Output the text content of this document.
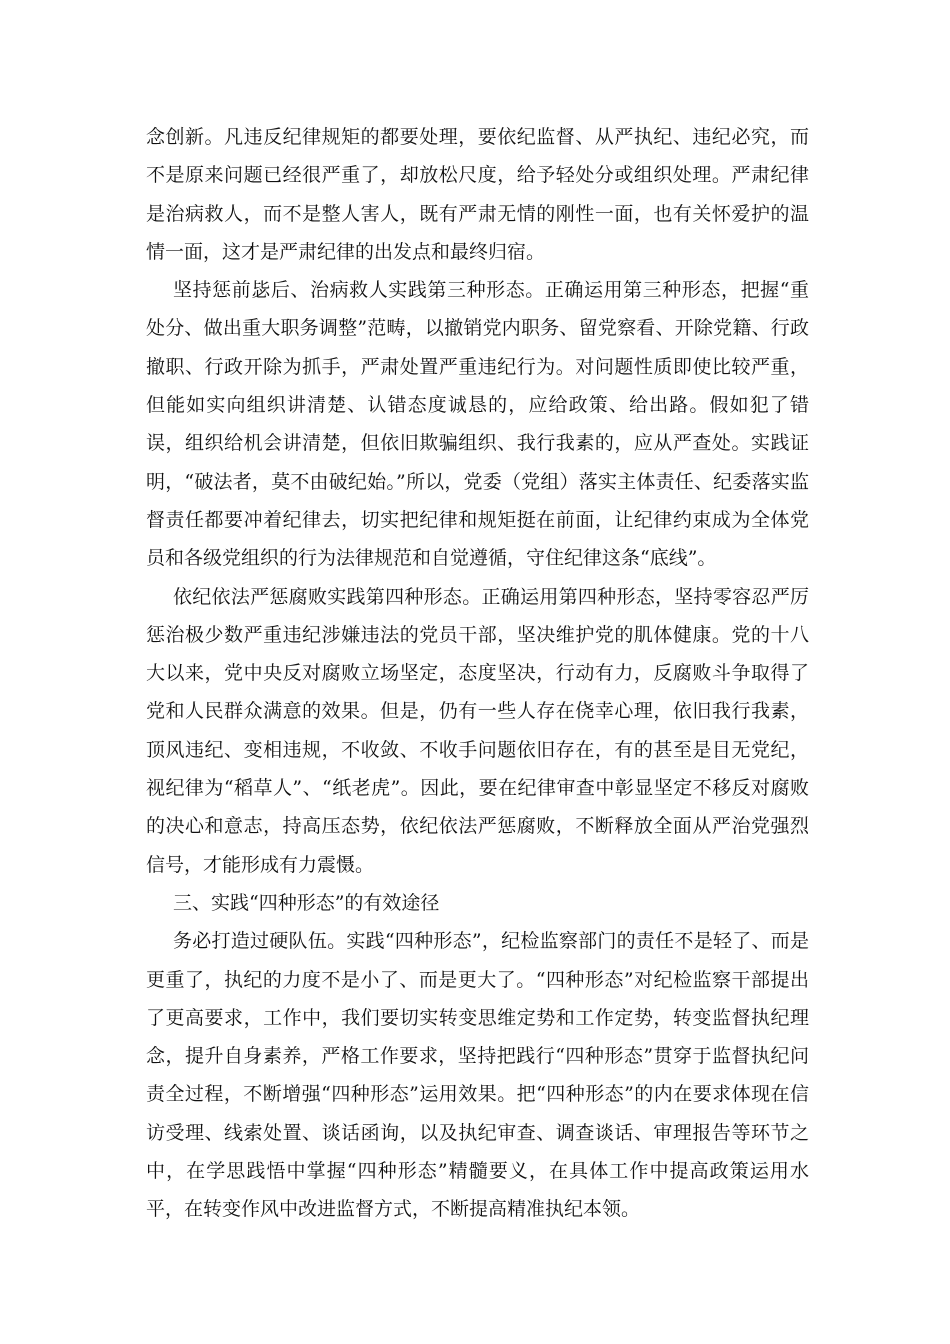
念创新。凡违反纪律规矩的都要处理，要依纪监督、从严执纪、违纪必究，而不是原来问题已经很严重了，却放松尺度，给予轻处分或组织处理。严肃纪律是治病救人，而不是整人害人，既有严肃无情的刚性一面，也有关怀爱护的温情一面，这才是严肃纪律的出发点和最终归宿。

坚持惩前毖后、治病救人实践第三种形态。正确运用第三种形态，把握“重处分、做出重大职务调整”范畴，以撤销党内职务、留党察看、开除党籍、行政撤职、行政开除为抓手，严肃处置严重违纪行为。对问题性质即使比较严重，但能如实向组织讲清楚、认错态度诚恳的，应给政策、给出路。假如犯了错误，组织给机会讲清楚，但依旧欺骗组织、我行我素的，应从严查处。实践证明，“破法者，莫不由破纪始。”所以，党委（党组）落实主体责任、纪委落实监督责任都要冲着纪律去，切实把纪律和规矩挺在前面，让纪律约束成为全体党员和各级党组织的行为法律规范和自觉遵循，守住纪律这条“底线”。

依纪依法严惩腐败实践第四种形态。正确运用第四种形态，坚持零容忍严厉惩治极少数严重违纪涉嫌违法的党员干部，坚决维护党的肌体健康。党的十八大以来，党中央反对腐败立场坚定，态度坚决，行动有力，反腐败斗争取得了党和人民群众满意的效果。但是，仍有一些人存在侥幸心理，依旧我行我素，顶风违纪、变相违规，不收敛、不收手问题依旧存在，有的甚至是目无党纪，视纪律为“稻草人”、“纸老虎”。因此，要在纪律审查中彰显坚定不移反对腐败的决心和意志，持高压态势，依纪依法严惩腐败，不断释放全面从严治党强烈信号，才能形成有力震慑。

三、实践“四种形态”的有效途径

务必打造过硬队伍。实践“四种形态”，纪检监察部门的责任不是轻了、而是更重了，执纪的力度不是小了、而是更大了。“四种形态”对纪检监察干部提出了更高要求，工作中，我们要切实转变思维定势和工作定势，转变监督执纪理念，提升自身素养，严格工作要求，坚持把践行“四种形态”贯穿于监督执纪问责全过程，不断增强“四种形态”运用效果。把“四种形态”的内在要求体现在信访受理、线索处置、谈话函询，以及执纪审查、调查谈话、审理报告等环节之中，在学思践悟中掌握“四种形态”精髓要义，在具体工作中提高政策运用水平，在转变作风中改进监督方式，不断提高精准执纪本领。
